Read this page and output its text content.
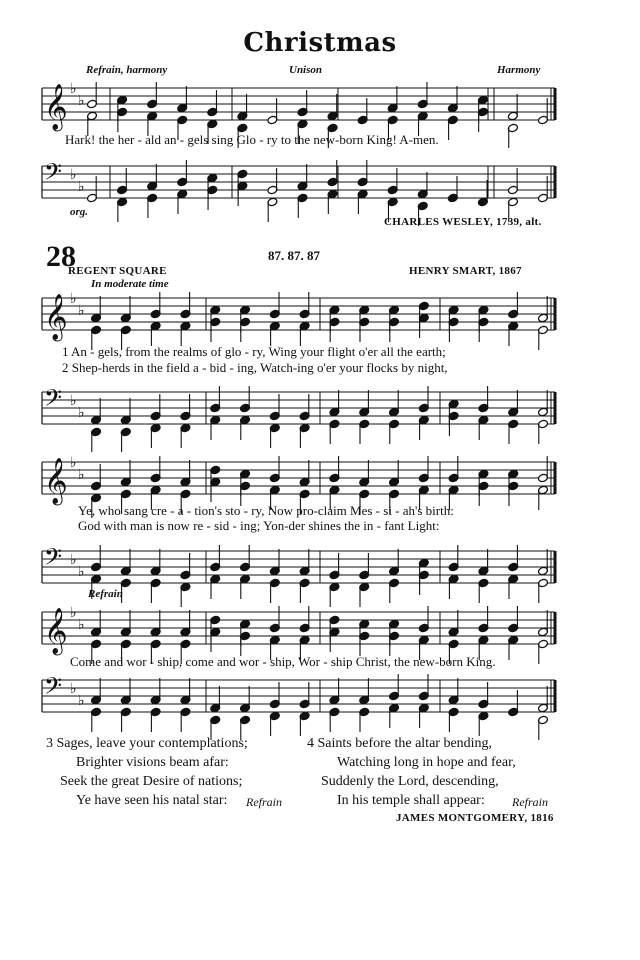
Christmas
Refrain, harmony	Unison	Harmony
𝄞 ♭
♭
Hark! the her - ald an - gels sing Glo - ry to the new-born King! A-men.
𝄢 ♭
♭
org.
CHARLES WESLEY, 1739, alt.
28	87. 87. 87
REGENT SQUARE	HENRY SMART, 1867
In moderate time
𝄞 ♭
♭
1 An - gels, from the realms of glo - ry, Wing your flight o'er all the earth;
2 Shep-herds in the field a - bid - ing, Watch-ing o'er your flocks by night,
𝄢 ♭
♭
𝄞 ♭
♭
Ye, who sang cre - a - tion's sto - ry, Now pro-claim Mes - si - ah's birth:
God with man is now re - sid - ing; Yon-der shines the in - fant Light:
𝄢 ♭
♭
Refrain
𝄞 ♭
♭
Come and wor - ship, come and wor - ship, Wor - ship Christ, the new-born King.
𝄢 ♭
♭
3 Sages, leave your contemplations;
Brighter visions beam afar:
Seek the great Desire of nations;
Ye have seen his natal star:	Refrain
4 Saints before the altar bending,
Watching long in hope and fear,
Suddenly the Lord, descending,
In his temple shall appear:	Refrain
JAMES MONTGOMERY, 1816
